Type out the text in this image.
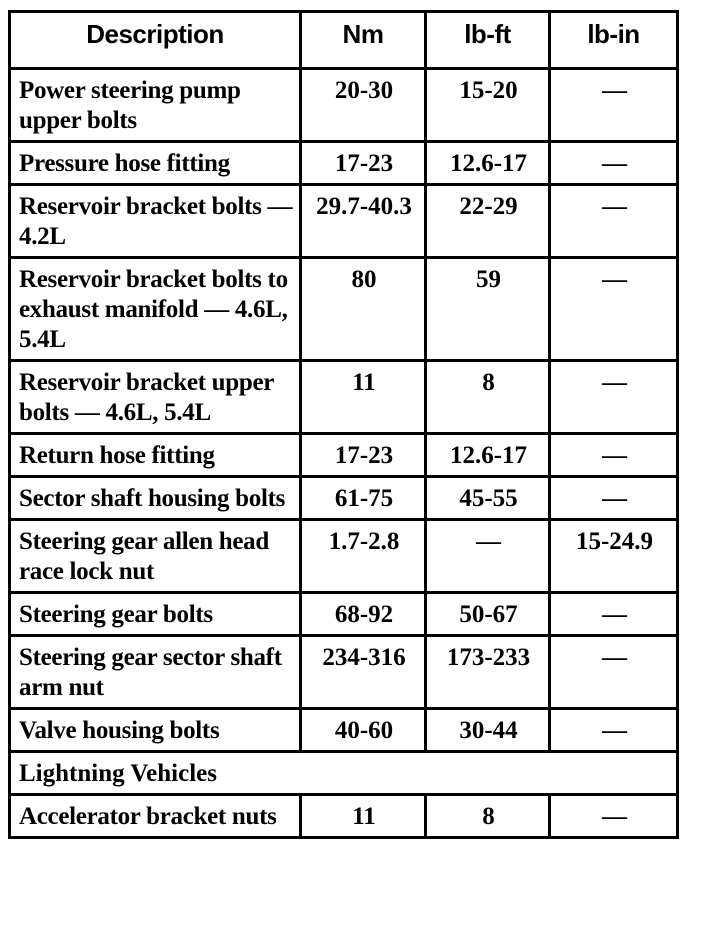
Description	Nm	lb-ft	lb-in
Power steering pump upper bolts	20-30	15-20	—
Pressure hose fitting	17-23	12.6-17	—
Reservoir bracket bolts — 4.2L	29.7-40.3	22-29	—
Reservoir bracket bolts to exhaust manifold — 4.6L, 5.4L	80	59	—
Reservoir bracket upper bolts — 4.6L, 5.4L	11	8	—
Return hose fitting	17-23	12.6-17	—
Sector shaft housing bolts	61-75	45-55	—
Steering gear allen head race lock nut	1.7-2.8	—	15-24.9
Steering gear bolts	68-92	50-67	—
Steering gear sector shaft arm nut	234-316	173-233	—
Valve housing bolts	40-60	30-44	—
Lightning Vehicles			
Accelerator bracket nuts	11	8	—
